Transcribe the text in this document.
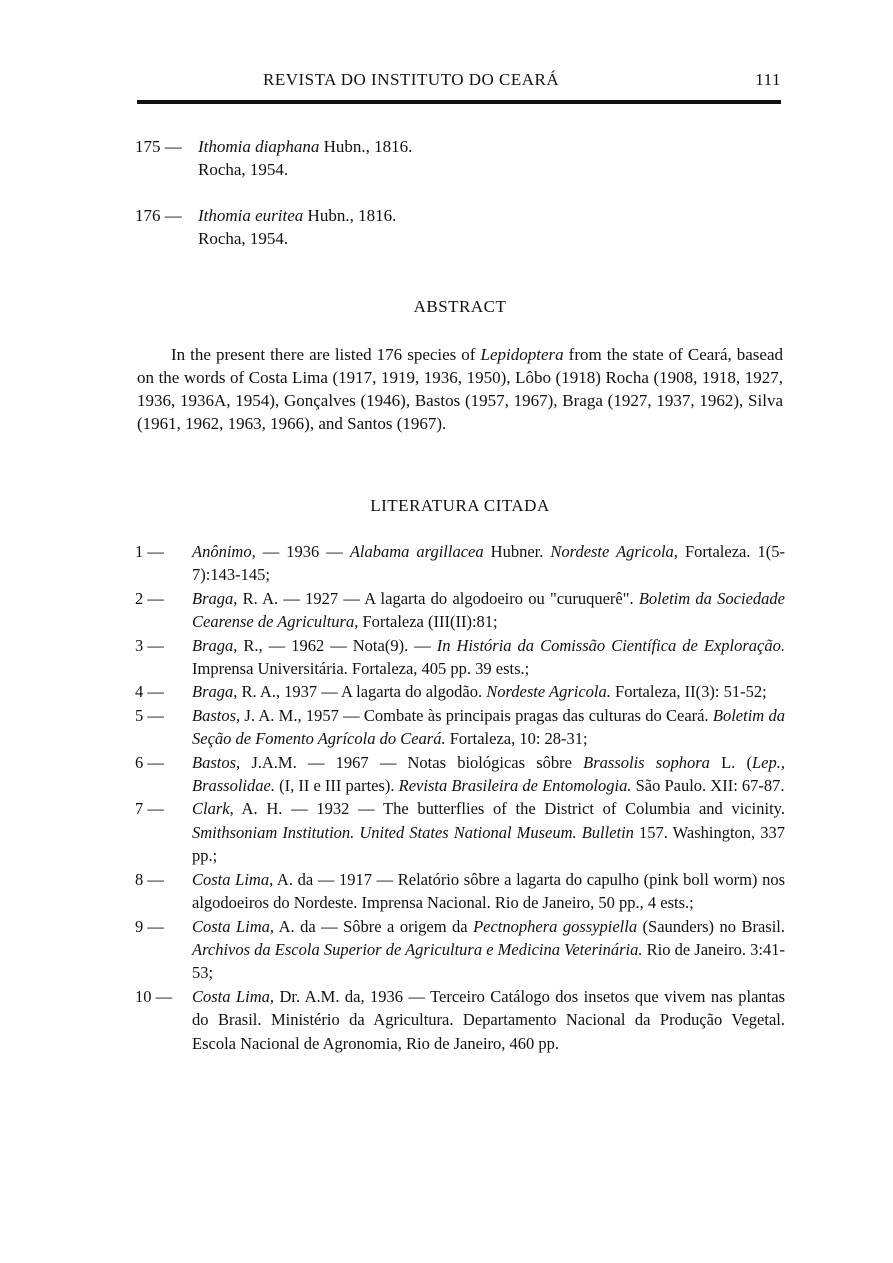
REVISTA DO INSTITUTO DO CEARÁ	111
175 — Ithomia diaphana Hubn., 1816.
Rocha, 1954.
176 — Ithomia euritea Hubn., 1816.
Rocha, 1954.
ABSTRACT
In the present there are listed 176 species of Lepidoptera from the state of Ceará, basead on the words of Costa Lima (1917, 1919, 1936, 1950), Lôbo (1918) Rocha (1908, 1918, 1927, 1936, 1936A, 1954), Gonçalves (1946), Bastos (1957, 1967), Braga (1927, 1937, 1962), Silva (1961, 1962, 1963, 1966), and Santos (1967).
LITERATURA CITADA
1 —	Anônimo, — 1936 — Alabama argillacea Hubner. Nordeste Agricola, Fortaleza. 1(5-7):143-145;
2 —	Braga, R. A. — 1927 — A lagarta do algodoeiro ou "curuquerê". Boletim da Sociedade Cearense de Agricultura, Fortaleza (III(II):81;
3 —	Braga, R., — 1962 — Nota(9). — In História da Comissão Científica de Exploração. Imprensa Universitária. Fortaleza, 405 pp. 39 ests.;
4 —	Braga, R. A., 1937 — A lagarta do algodão. Nordeste Agricola. Fortaleza, II(3): 51-52;
5 —	Bastos, J. A. M., 1957 — Combate às principais pragas das culturas do Ceará. Boletim da Seção de Fomento Agrícola do Ceará. Fortaleza, 10: 28-31;
6 —	Bastos, J.A.M. — 1967 — Notas biológicas sôbre Brassolis sophora L. (Lep., Brassolidae. (I, II e III partes). Revista Brasileira de Entomologia. São Paulo. XII: 67-87.
7 —	Clark, A. H. — 1932 — The butterflies of the District of Columbia and vicinity. Smithsoniam Institution. United States National Museum. Bulletin 157. Washington, 337 pp.;
8 —	Costa Lima, A. da — 1917 — Relatório sôbre a lagarta do capulho (pink boll worm) nos algodoeiros do Nordeste. Imprensa Nacional. Rio de Janeiro, 50 pp., 4 ests.;
9 —	Costa Lima, A. da — Sôbre a origem da Pectnophera gossypiella (Saunders) no Brasil. Archivos da Escola Superior de Agricultura e Medicina Veterinária. Rio de Janeiro. 3:41-53;
10 —	Costa Lima, Dr. A.M. da, 1936 — Terceiro Catálogo dos insetos que vivem nas plantas do Brasil. Ministério da Agricultura. Departamento Nacional da Produção Vegetal. Escola Nacional de Agronomia, Rio de Janeiro, 460 pp.
